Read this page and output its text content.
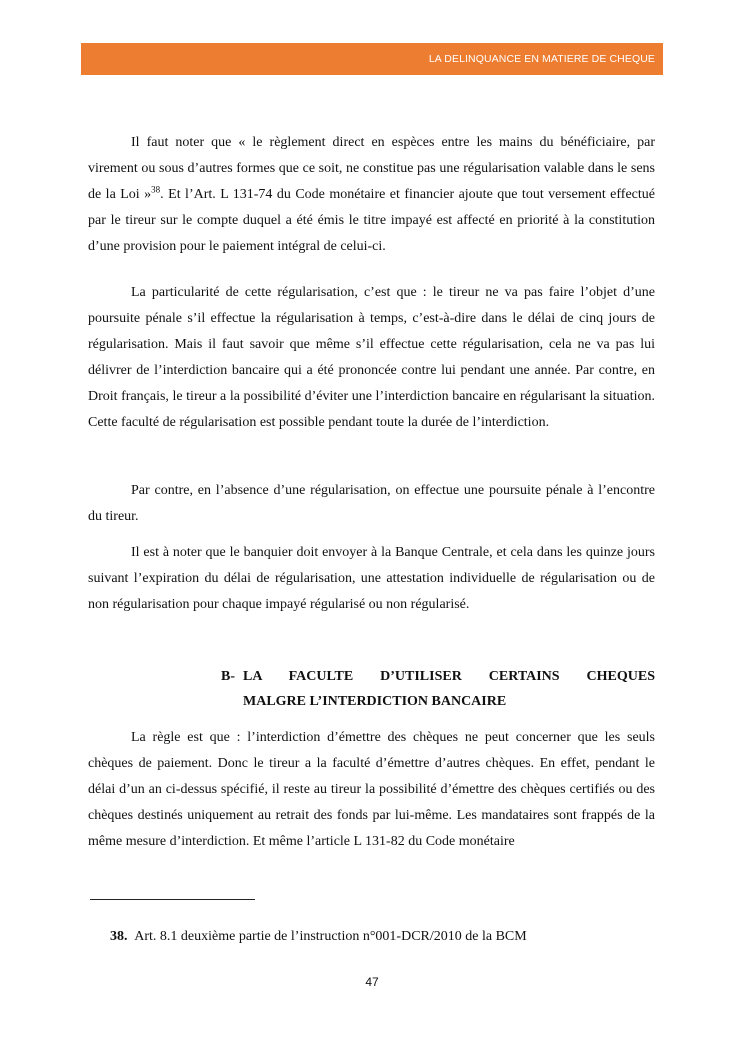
LA DELINQUANCE EN MATIERE DE CHEQUE

Il faut noter que « le règlement direct en espèces entre les mains du bénéficiaire, par virement ou sous d’autres formes que ce soit, ne constitue pas une régularisation valable dans le sens de la Loi »$^{38}$. Et l’Art. L 131-74 du Code monétaire et financier ajoute que tout versement effectué par le tireur sur le compte duquel a été émis le titre impayé est affecté en priorité à la constitution d’une provision pour le paiement intégral de celui-ci.

La particularité de cette régularisation, c’est que : le tireur ne va pas faire l’objet d’une poursuite pénale s’il effectue la régularisation à temps, c’est-à-dire dans le délai de cinq jours de régularisation. Mais il faut savoir que même s’il effectue cette régularisation, cela ne va pas lui délivrer de l’interdiction bancaire qui a été prononcée contre lui pendant une année. Par contre, en Droit français, le tireur a la possibilité d’éviter une l’interdiction bancaire en régularisant la situation. Cette faculté de régularisation est possible pendant toute la durée de l’interdiction.

Par contre, en l’absence d’une régularisation, on effectue une poursuite pénale à l’encontre du tireur.

Il est à noter que le banquier doit envoyer à la Banque Centrale, et cela dans les quinze jours suivant l’expiration du délai de régularisation, une attestation individuelle de régularisation ou de non régularisation pour chaque impayé régularisé ou non régularisé.

B- LA FACULTE D’UTILISER CERTAINS CHEQUES
MALGRE L’INTERDICTION BANCAIRE

La règle est que : l’interdiction d’émettre des chèques ne peut concerner que les seuls chèques de paiement. Donc le tireur a la faculté d’émettre d’autres chèques. En effet, pendant le délai d’un an ci-dessus spécifié, il reste au tireur la possibilité d’émettre des chèques certifiés ou des chèques destinés uniquement au retrait des fonds par lui-même. Les mandataires sont frappés de la même mesure d’interdiction. Et même l’article L 131-82 du Code monétaire

38. Art. 8.1 deuxième partie de l’instruction n°001-DCR/2010 de la BCM
47
